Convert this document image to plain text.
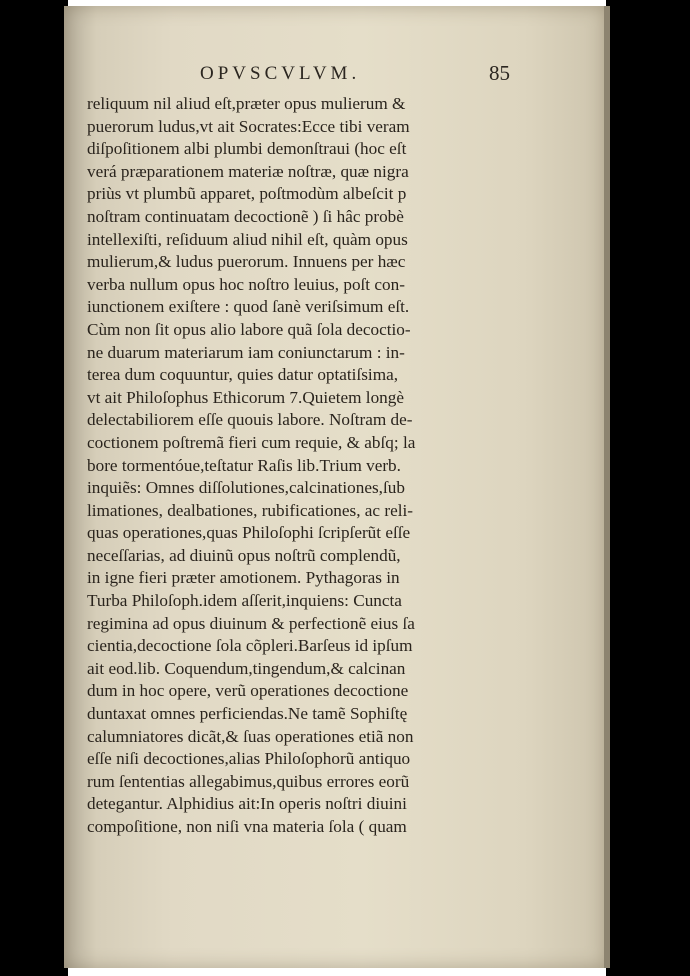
OPVSCVLVM.	85
reliquum nil aliud eſt,præter opus mulierum &
puerorum ludus,vt ait Socrates:Ecce tibi veram
diſpoſitionem albi plumbi demonſtraui (hoc eſt
verá præparationem materiæ noſtræ, quæ nigra
priùs vt plumbũ apparet, poſtmodùm albeſcit p
noſtram continuatam decoctionẽ ) ſi hâc probè
intellexiſti, reſiduum aliud nihil eſt, quàm opus
mulierum,& ludus puerorum. Innuens per hæc
verba nullum opus hoc noſtro leuius, poſt con-
iunctionem exiſtere : quod ſanè veriſsimum eſt.
Cùm non ſit opus alio labore quã ſola decoctio-
ne duarum materiarum iam coniunctarum : in-
terea dum coquuntur, quies datur optatiſsima,
vt ait Philoſophus Ethicorum 7.Quietem longè
delectabiliorem eſſe quouis labore. Noſtram de-
coctionem poſtremã fieri cum requie, & abſq; la
bore tormentóue,teſtatur Raſis lib.Trium verb.
inquiẽs: Omnes diſſolutiones,calcinationes,ſub
limationes, dealbationes, rubificationes, ac reli-
quas operationes,quas Philoſophi ſcripſerũt eſſe
neceſſarias, ad diuinũ opus noſtrũ complendũ,
in igne fieri præter amotionem. Pythagoras in
Turba Philoſoph.idem aſſerit,inquiens: Cuncta
regimina ad opus diuinum & perfectionẽ eius ſa
cientia,decoctione ſola cõpleri.Barſeus id ipſum
ait eod.lib. Coquendum,tingendum,& calcinan
dum in hoc opere, verũ operationes decoctione
duntaxat omnes perficiendas.Ne tamẽ Sophiſtę
calumniatores dicãt,& ſuas operationes etiã non
eſſe niſi decoctiones,alias Philoſophorũ antiquo
rum ſententias allegabimus,quibus errores eorũ
detegantur. Alphidius ait:In operis noſtri diuini
compoſitione, non niſi vna materia ſola ( quam
